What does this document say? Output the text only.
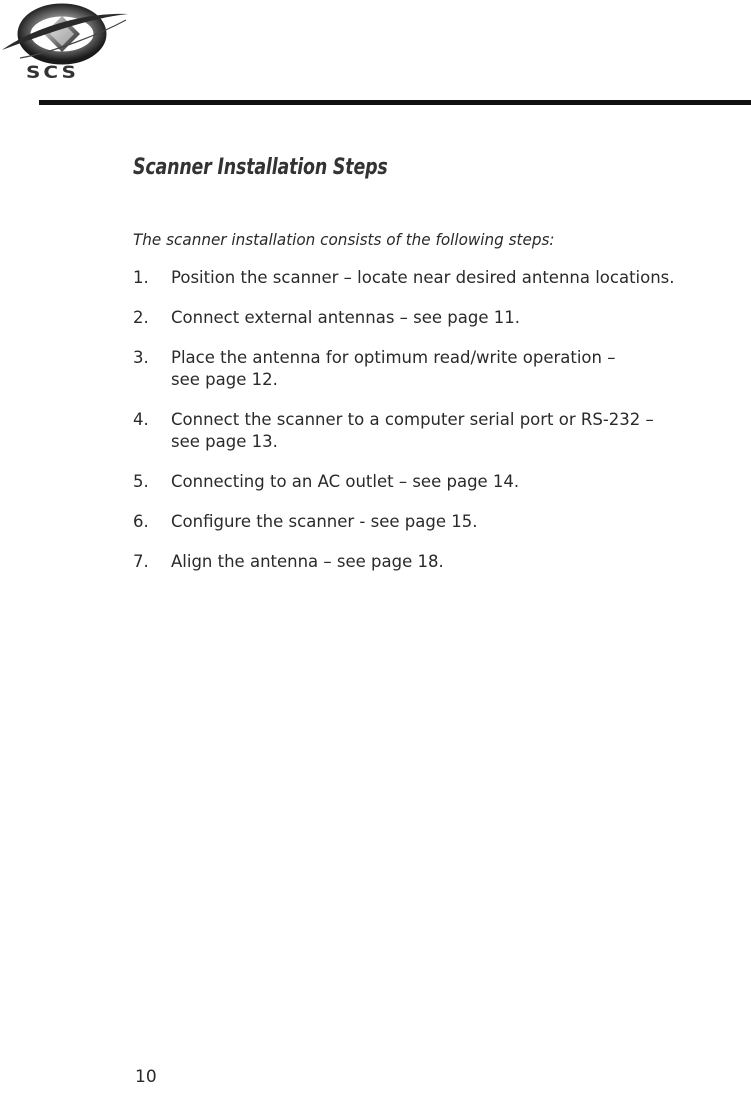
SCS
Scanner Installation Steps

The scanner installation consists of the following steps:

1.	Position the scanner – locate near desired antenna locations.
2.	Connect external antennas – see page 11.
3.	Place the antenna for optimum read/write operation –
see page 12.
4.	Connect the scanner to a computer serial port or RS-232 –
see page 13.
5.	Connecting to an AC outlet – see page 14.
6.	Configure the scanner - see page 15.
7.	Align the antenna – see page 18.
10
